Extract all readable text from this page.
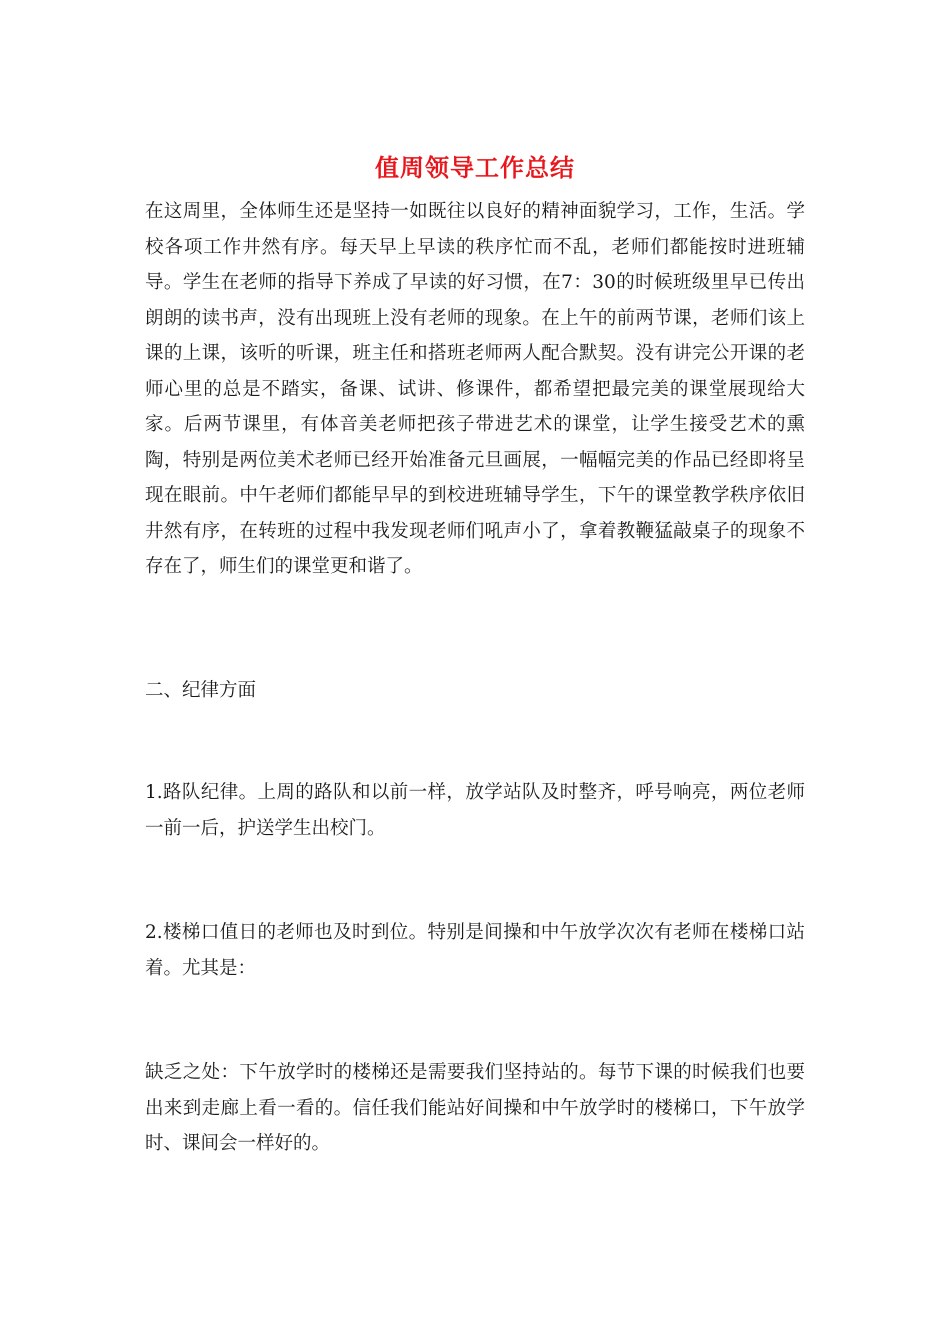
值周领导工作总结

在这周里，全体师生还是坚持一如既往以良好的精神面貌学习，工作，生活。学校各项工作井然有序。每天早上早读的秩序忙而不乱，老师们都能按时进班辅导。学生在老师的指导下养成了早读的好习惯，在7：30的时候班级里早已传出朗朗的读书声，没有出现班上没有老师的现象。在上午的前两节课，老师们该上课的上课，该听的听课，班主任和搭班老师两人配合默契。没有讲完公开课的老师心里的总是不踏实，备课、试讲、修课件，都希望把最完美的课堂展现给大家。后两节课里，有体音美老师把孩子带进艺术的课堂，让学生接受艺术的熏陶，特别是两位美术老师已经开始准备元旦画展，一幅幅完美的作品已经即将呈现在眼前。中午老师们都能早早的到校进班辅导学生，下午的课堂教学秩序依旧井然有序，在转班的过程中我发现老师们吼声小了，拿着教鞭猛敲桌子的现象不存在了，师生们的课堂更和谐了。

二、纪律方面

1.路队纪律。上周的路队和以前一样，放学站队及时整齐，呼号响亮，两位老师一前一后，护送学生出校门。

2.楼梯口值日的老师也及时到位。特别是间操和中午放学次次有老师在楼梯口站着。尤其是：

缺乏之处：下午放学时的楼梯还是需要我们坚持站的。每节下课的时候我们也要出来到走廊上看一看的。信任我们能站好间操和中午放学时的楼梯口，下午放学时、课间会一样好的。
